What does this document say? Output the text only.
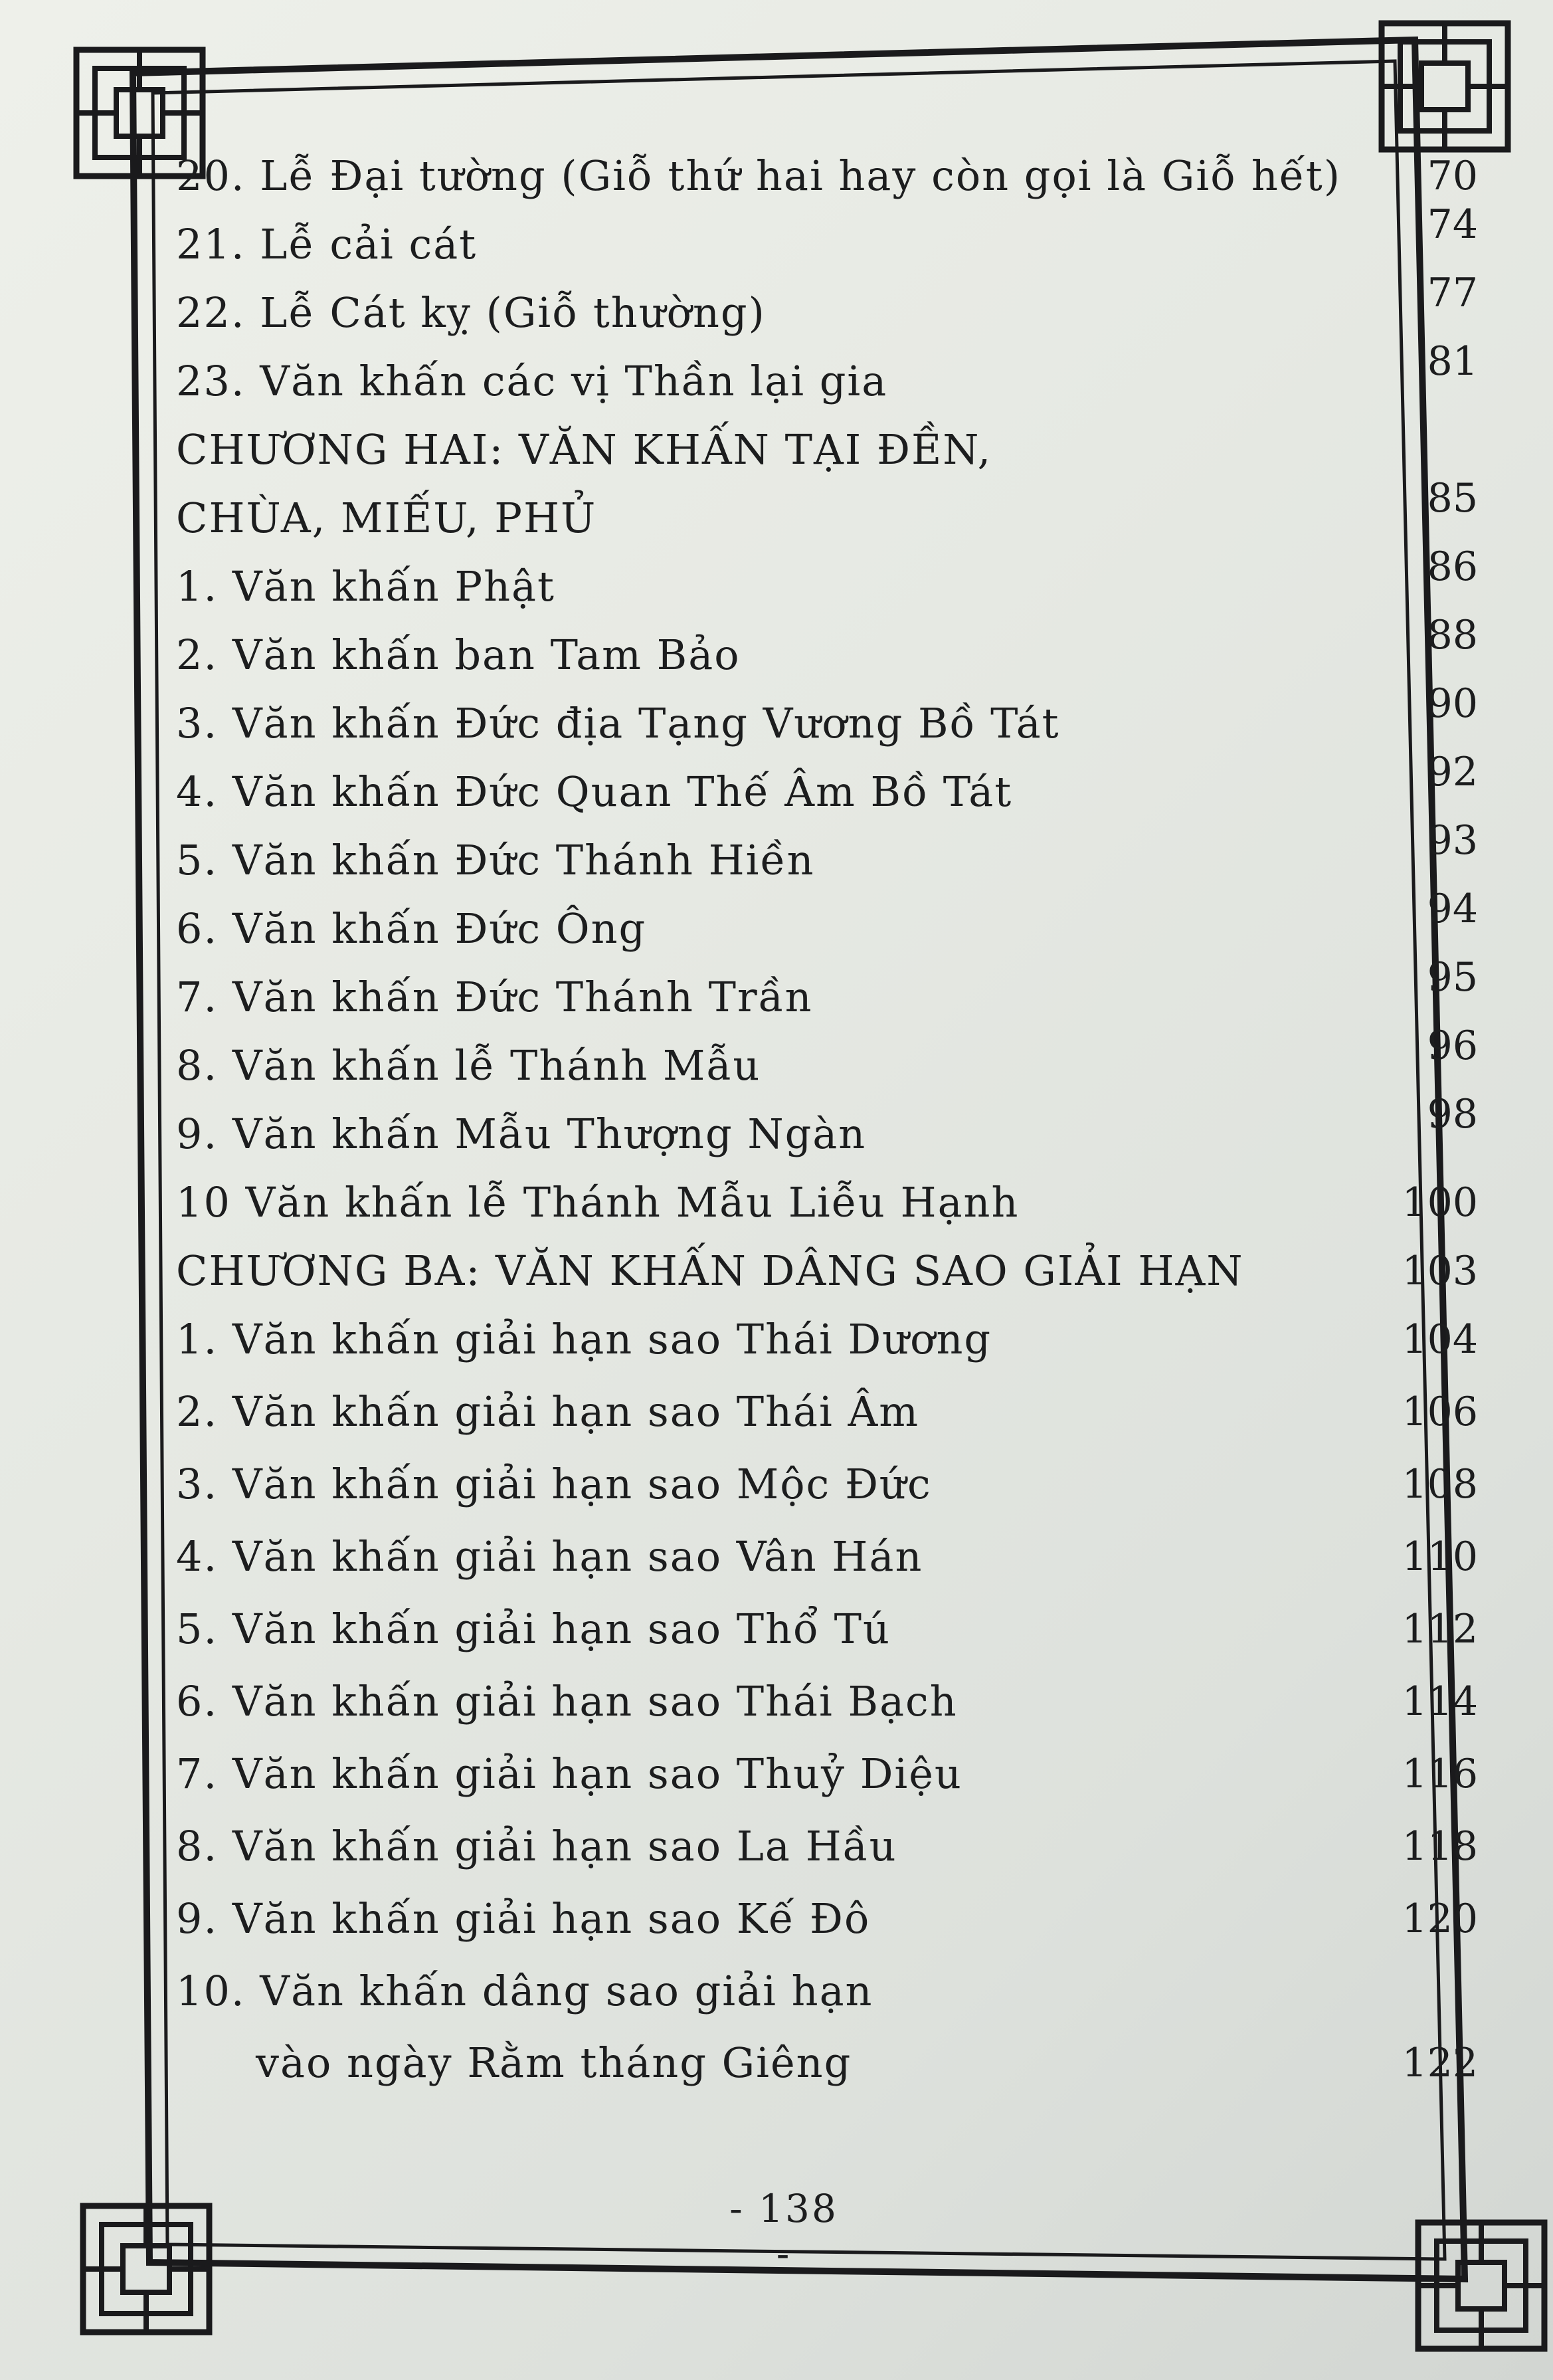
20. Lễ Đại tường (Giỗ thứ hai hay còn gọi là Giỗ hết) 70
21. Lễ cải cát	74
22. Lễ Cát kỵ (Giỗ thường)	77
23. Văn khấn các vị Thần lại gia	81
CHƯƠNG HAI: VĂN KHẤN TẠI ĐỀN,
CHÙA, MIẾU, PHỦ	85
1. Văn khấn Phật	86
2. Văn khấn ban Tam Bảo	88
3. Văn khấn Đức địa Tạng Vương Bồ Tát	90
4. Văn khấn Đức Quan Thế Âm Bồ Tát	92
5. Văn khấn Đức Thánh Hiền	93
6. Văn khấn Đức Ông	94
7. Văn khấn Đức Thánh Trần	95
8. Văn khấn lễ Thánh Mẫu	96
9. Văn khấn Mẫu Thượng Ngàn	98
10 Văn khấn lễ Thánh Mẫu Liễu Hạnh	100
CHƯƠNG BA: VĂN KHẤN DÂNG SAO GIẢI HẠN	103
1. Văn khấn giải hạn sao Thái Dương	104
2. Văn khấn giải hạn sao Thái Âm	106
3. Văn khấn giải hạn sao Mộc Đức	108
4. Văn khấn giải hạn sao Vân Hán	110
5. Văn khấn giải hạn sao Thổ Tú	112
6. Văn khấn giải hạn sao Thái Bạch	114
7. Văn khấn giải hạn sao Thuỷ Diệu	116
8. Văn khấn giải hạn sao La Hầu	118
9. Văn khấn giải hạn sao Kế Đô	120
10. Văn khấn dâng sao giải hạn
vào ngày Rằm tháng Giêng	122
- 138 -
